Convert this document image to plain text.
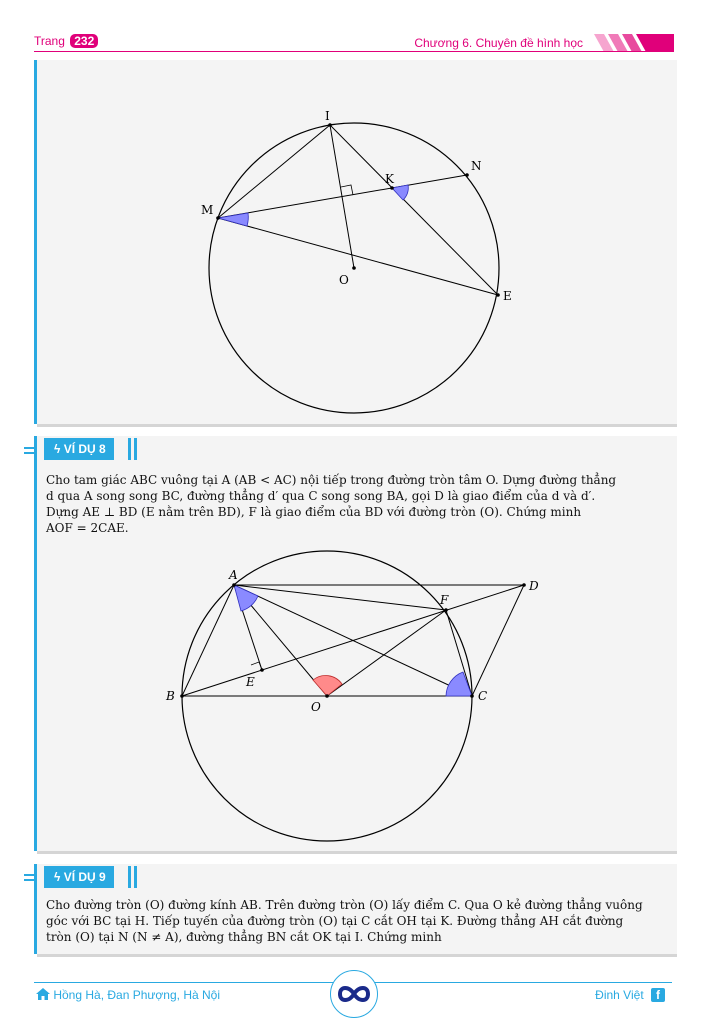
Trang 232	Chương 6. Chuyên đề hình học
I
N
K
M
O
E
ϟ VÍ DỤ 8
Cho tam giác ABC vuông tại A (AB < AC) nội tiếp trong đường tròn tâm O. Dựng đường thẳng
d qua A song song BC, đường thẳng d′ qua C song song BA, gọi D là giao điểm của d và d′.
Dựng AE ⊥ BD (E nằm trên BD), F là giao điểm của BD với đường tròn (O). Chứng minh
AOF = 2CAE.
A
D
F
E
B
O
C
ϟ VÍ DỤ 9
Cho đường tròn (O) đường kính AB. Trên đường tròn (O) lấy điểm C. Qua O kẻ đường thẳng vuông
góc với BC tại H. Tiếp tuyến của đường tròn (O) tại C cắt OH tại K. Đường thẳng AH cắt đường
tròn (O) tại N (N ≠ A), đường thẳng BN cắt OK tại I. Chứng minh
Hồng Hà, Đan Phượng, Hà Nội	Đinh Việt f
